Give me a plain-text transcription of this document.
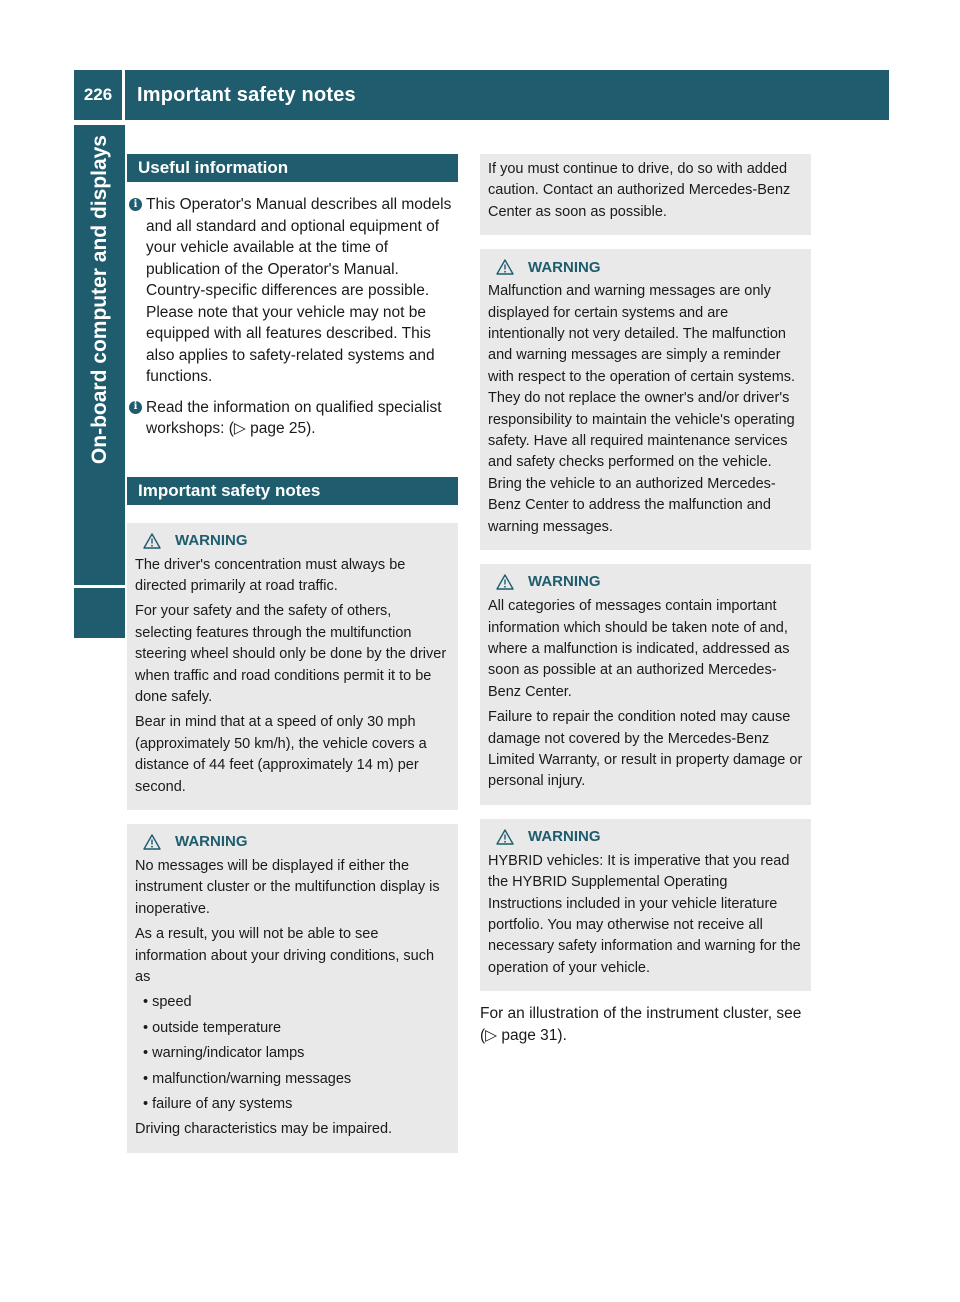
226	Important safety notes
On-board computer and displays	Useful information
i This Operator's Manual describes all models and all standard and optional equipment of your vehicle available at the time of publication of the Operator's Manual. Country-specific differences are possible. Please note that your vehicle may not be equipped with all features described. This also applies to safety-related systems and functions.
i Read the information on qualified specialist workshops: (▷ page 25).
Important safety notes
WARNING

The driver's concentration must always be directed primarily at road traffic.

For your safety and the safety of others, selecting features through the multifunction steering wheel should only be done by the driver when traffic and road conditions permit it to be done safely.

Bear in mind that at a speed of only 30 mph (approximately 50 km/h), the vehicle covers a distance of 44 feet (approximately 14 m) per second.

WARNING

No messages will be displayed if either the instrument cluster or the multifunction display is inoperative.

As a result, you will not be able to see information about your driving conditions, such as

• speed

• outside temperature

• warning/indicator lamps

• malfunction/warning messages

• failure of any systems

Driving characteristics may be impaired.

If you must continue to drive, do so with added caution. Contact an authorized Mercedes-Benz Center as soon as possible.

WARNING

Malfunction and warning messages are only displayed for certain systems and are intentionally not very detailed. The malfunction and warning messages are simply a reminder with respect to the operation of certain systems. They do not replace the owner's and/or driver's responsibility to maintain the vehicle's operating safety. Have all required maintenance services and safety checks performed on the vehicle. Bring the vehicle to an authorized Mercedes-Benz Center to address the malfunction and warning messages.

WARNING

All categories of messages contain important information which should be taken note of and, where a malfunction is indicated, addressed as soon as possible at an authorized Mercedes-Benz Center.

Failure to repair the condition noted may cause damage not covered by the Mercedes-Benz Limited Warranty, or result in property damage or personal injury.

WARNING

HYBRID vehicles: It is imperative that you read the HYBRID Supplemental Operating Instructions included in your vehicle literature portfolio. You may otherwise not receive all necessary safety information and warning for the operation of your vehicle.

For an illustration of the instrument cluster, see (▷ page 31).
